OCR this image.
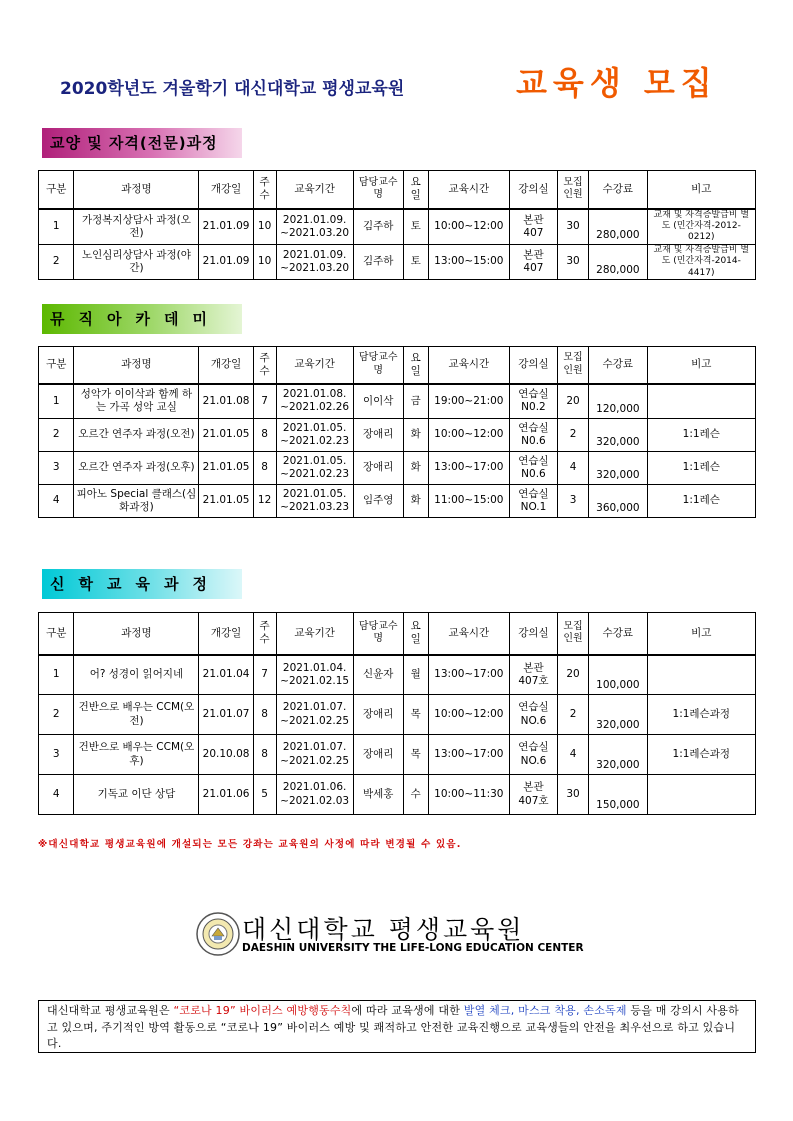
2020학년도 겨울학기 대신대학교 평생교육원	교육생 모집
교양 및 자격(전문)과정
구분	과정명	개강일	주수	교육기간	담당교수명	요일	교육시간	강의실	모집인원	수강료	비고
1	가정복지상담사 과정(오전)	21.01.09	10	2021.01.09. ~2021.03.20	김주하	토	10:00~12:00	본관 407	30	280,000	교재 및 자격증발급비 별도 (민간자격-2012-0212)
2	노인심리상담사 과정(야간)	21.01.09	10	2021.01.09. ~2021.03.20	김주하	토	13:00~15:00	본관 407	30	280,000	교재 및 자격증발급비 별도 (민간자격-2014-4417)
뮤직아카데미
구분	과정명	개강일	주수	교육기간	담당교수명	요일	교육시간	강의실	모집인원	수강료	비고
1	성악가 이이삭과 함께 하는 가곡 성악 교실	21.01.08	7	2021.01.08. ~2021.02.26	이이삭	금	19:00~21:00	연습실 N0.2	20	120,000	
2	오르간 연주자 과정(오전)	21.01.05	8	2021.01.05. ~2021.02.23	장애리	화	10:00~12:00	연습실 N0.6	2	320,000	1:1레슨
3	오르간 연주자 과정(오후)	21.01.05	8	2021.01.05. ~2021.02.23	장애리	화	13:00~17:00	연습실 N0.6	4	320,000	1:1레슨
4	피아노 Special 클래스(심화과정)	21.01.05	12	2021.01.05. ~2021.03.23	임주영	화	11:00~15:00	연습실 NO.1	3	360,000	1:1레슨
신학교육과정
구분	과정명	개강일	주수	교육기간	담당교수명	요일	교육시간	강의실	모집인원	수강료	비고
1	어? 성경이 읽어지네	21.01.04	7	2021.01.04. ~2021.02.15	신윤자	월	13:00~17:00	본관 407호	20	100,000	
2	건반으로 배우는 CCM(오전)	21.01.07	8	2021.01.07. ~2021.02.25	장애리	목	10:00~12:00	연습실 NO.6	2	320,000	1:1레슨과정
3	건반으로 배우는 CCM(오후)	20.10.08	8	2021.01.07. ~2021.02.25	장애리	목	13:00~17:00	연습실 NO.6	4	320,000	1:1레슨과정
4	기독교 이단 상담	21.01.06	5	2021.01.06. ~2021.02.03	박세홍	수	10:00~11:30	본관 407호	30	150,000	
※대신대학교 평생교육원에 개설되는 모든 강좌는 교육원의 사정에 따라 변경될 수 있음.
대신대학교 평생교육원
DAESHIN UNIVERSITY THE LIFE-LONG EDUCATION CENTER
대신대학교 평생교육원은 “코로나 19” 바이러스 예방행동수칙에 따라 교육생에 대한 발열 체크, 마스크 착용, 손소독제 등을 매 강의시 사용하고 있으며, 주기적인 방역 활동으로 “코로나 19” 바이러스 예방 및 쾌적하고 안전한 교육진행으로 교육생들의 안전을 최우선으로 하고 있습니다.
